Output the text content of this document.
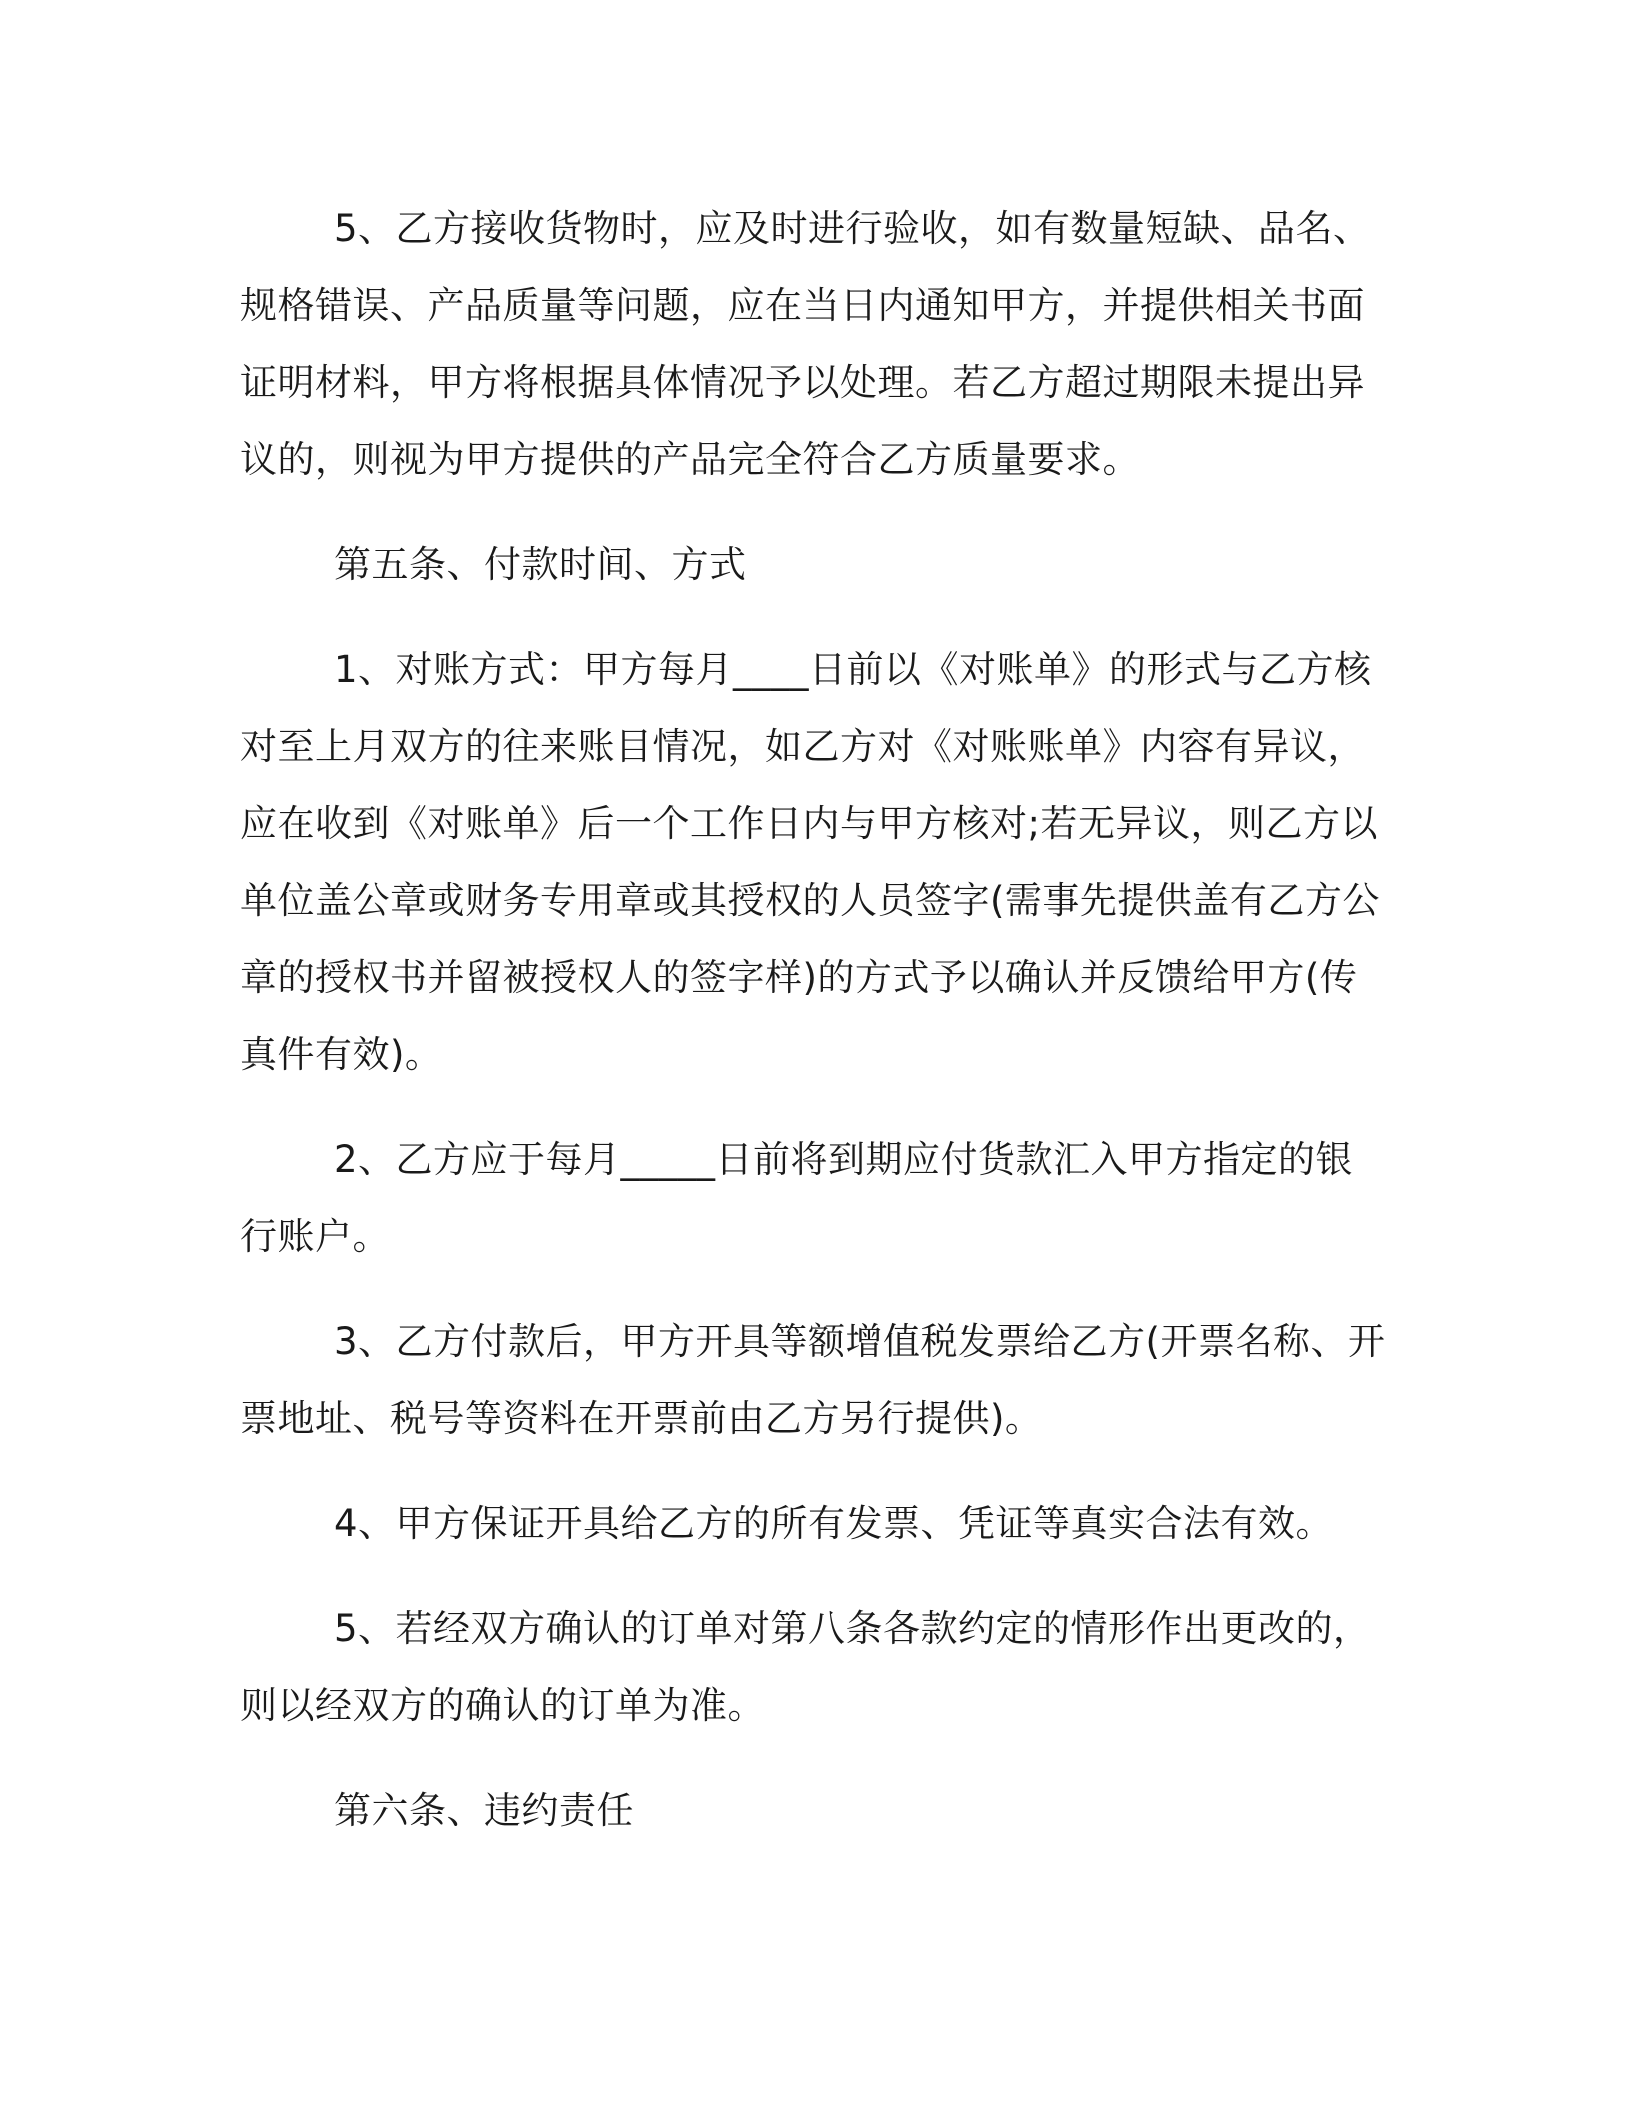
5、乙方接收货物时，应及时进行验收，如有数量短缺、品名、规格错误、产品质量等问题，应在当日内通知甲方，并提供相关书面证明材料，甲方将根据具体情况予以处理。若乙方超过期限未提出异议的，则视为甲方提供的产品完全符合乙方质量要求。

第五条、付款时间、方式

1、对账方式：甲方每月____日前以《对账单》的形式与乙方核对至上月双方的往来账目情况，如乙方对《对账账单》内容有异议，应在收到《对账单》后一个工作日内与甲方核对;若无异议，则乙方以单位盖公章或财务专用章或其授权的人员签字(需事先提供盖有乙方公章的授权书并留被授权人的签字样)的方式予以确认并反馈给甲方(传真件有效)。

2、乙方应于每月_____日前将到期应付货款汇入甲方指定的银行账户。

3、乙方付款后，甲方开具等额增值税发票给乙方(开票名称、开票地址、税号等资料在开票前由乙方另行提供)。

4、甲方保证开具给乙方的所有发票、凭证等真实合法有效。

5、若经双方确认的订单对第八条各款约定的情形作出更改的，则以经双方的确认的订单为准。

第六条、违约责任
